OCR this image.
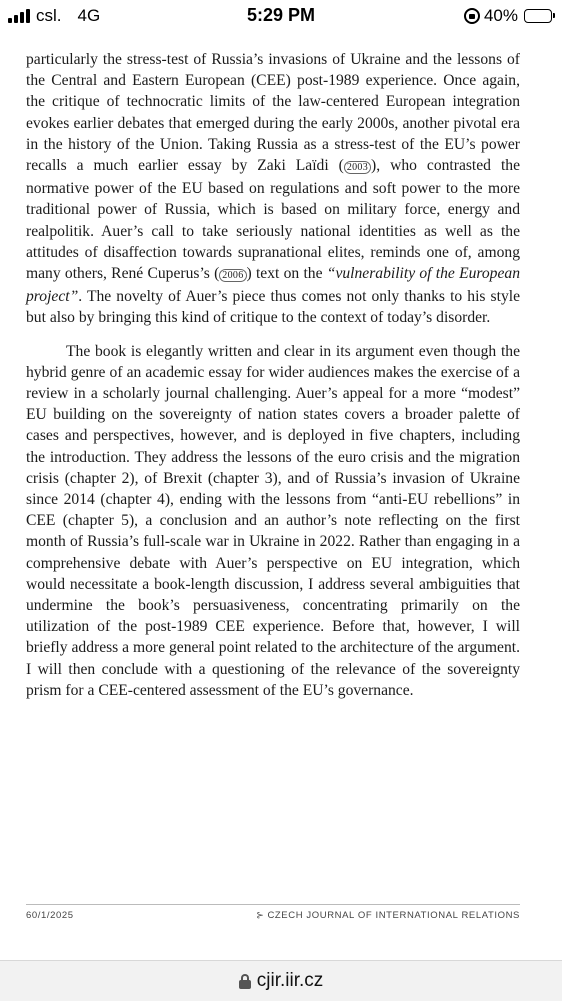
csl. 4G	5:29 PM	40%

particularly the stress-test of Russia’s invasions of Ukraine and the lessons of the Central and Eastern European (CEE) post-1989 experience. Once again, the critique of technocratic limits of the law-centered European integration evokes earlier debates that emerged during the early 2000s, another pivotal era in the history of the Union. Taking Russia as a stress-test of the EU’s power recalls a much earlier essay by Zaki Laïdi ( 2003 ), who contrasted the normative power of the EU based on regulations and soft power to the more traditional power of Russia, which is based on military force, energy and realpolitik. Auer’s call to take seriously national identities as well as the attitudes of disaffection towards supranational elites, reminds one of, among many others, René Cuperus’s ( 2006 ) text on the “vulnerability of the European project”. The novelty of Auer’s piece thus comes not only thanks to his style but also by bringing this kind of critique to the context of today’s disorder.

The book is elegantly written and clear in its argument even though the hybrid genre of an academic essay for wider audiences makes the exercise of a review in a scholarly journal challenging. Auer’s appeal for a more “modest” EU building on the sovereignty of nation states covers a broader palette of cases and perspectives, however, and is deployed in five chapters, including the introduction. They address the lessons of the euro crisis and the migration crisis (chapter 2), of Brexit (chapter 3), and of Russia’s invasion of Ukraine since 2014 (chapter 4), ending with the lessons from “anti-EU rebellions” in CEE (chapter 5), a conclusion and an author’s note reflecting on the first month of Russia’s full-scale war in Ukraine in 2022. Rather than engaging in a comprehensive debate with Auer’s perspective on EU integration, which would necessitate a book-length discussion, I address several ambiguities that undermine the book’s persuasiveness, concentrating primarily on the utilization of the post-1989 CEE experience. Before that, however, I will briefly address a more general point related to the architecture of the argument. I will then conclude with a questioning of the relevance of the sovereignty prism for a CEE-centered assessment of the EU’s governance.

60/1/2025	⊱ CZECH JOURNAL OF INTERNATIONAL RELATIONS
cjir.iir.cz
